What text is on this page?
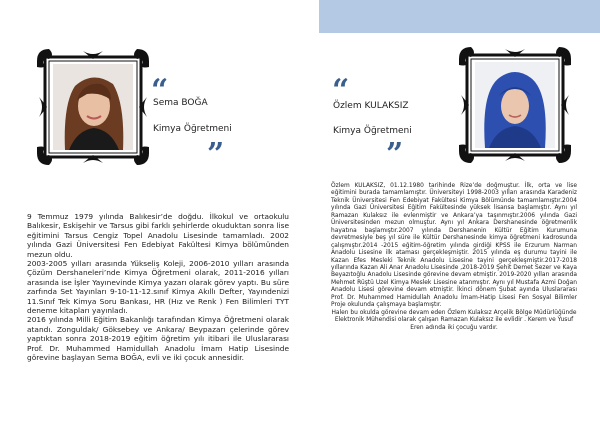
“
Sema BOĞA
Kimya Öğretmeni
”
“
Özlem KULAKSIZ
Kimya Öğretmeni
”

9 Temmuz 1979 yılında Balıkesir’de doğdu. İlkokul ve ortaokulu Balıkesir, Eskişehir ve Tarsus gibi farklı şehirlerde okuduktan sonra lise eğitimini Tarsus Cengiz Topel Anadolu Lisesinde tamamladı. 2002 yılında Gazi Üniversitesi Fen Edebiyat Fakültesi Kimya bölümünden mezun oldu.

2003-2005 yılları arasında Yükseliş Koleji, 2006-2010 yılları arasında Çözüm Dershaneleri’nde Kimya Öğretmeni olarak, 2011-2016 yılları arasında ise İşler Yayınevinde Kimya yazarı olarak görev yaptı. Bu süre zarfında Set Yayınları 9-10-11-12.sınıf Kimya Akıllı Defter, Yayındenizi 11.Sınıf Tek Kimya Soru Bankası, HR (Hız ve Renk ) Fen Bilimleri TYT deneme kitapları yayınladı.

2016 yılında Milli Eğitim Bakanlığı tarafından Kimya Öğretmeni olarak atandı. Zonguldak/ Göksebey ve Ankara/ Beypazarı çelerinde görev yaptıktan sonra 2018-2019 eğitim öğretim yılı itibari ile Uluslararası Prof. Dr. Muhammed Hamidullah Anadolu İmam Hatip Lisesinde görevine başlayan Sema BOĞA, evli ve iki çocuk annesidir.

Özlem KULAKSIZ, 01.12.1980 tarihinde Rize’de doğmuştur. İlk, orta ve lise eğitimini burada tamamlamıştır. Üniversiteyi 1998-2003 yılları arasında Karadeniz Teknik Üniversitesi Fen Edebiyat Fakültesi Kimya Bölümünde tamamlamıştır.2004 yılında Gazi Üniversitesi Eğitim Fakültesinde yüksek lisansa başlamıştır. Aynı yıl Ramazan Kulaksız ile evlenmiştir ve Ankara’ya taşınmıştır.2006 yılında Gazi Üniversitesinden mezun olmuştur. Aynı yıl Ankara Dershanesinde öğretmenlik hayatına başlamıştır.2007 yılında Dershanenin Kültür Eğitim Kurumuna devretmesiyle beş yıl süre ile Kültür Dershanesinde kimya öğretmeni kadrosunda çalışmıştır.2014 -2015 eğitim-öğretim yılında girdiği KPSS ile Erzurum Narman Anadolu Lisesine ilk ataması gerçekleşmiştir. 2015 yılında eş durumu tayini ile Kazan Efes Mesleki Teknik Anadolu Lisesine tayini gerçekleşmiştir.2017-2018 yıllarında Kazan Ali Anar Anadolu Lisesinde ,2018-2019 Şehit Demet Sezer ve Kaya Beyazıtoğlu Anadolu Lisesinde görevine devam etmiştir. 2019-2020 yılları arasında Mehmet Rüştü Uzel Kimya Meslek Lisesine atanmıştır. Aynı yıl Mustafa Azmi Doğan Anadolu Lisesi görevine devam etmiştir. İkinci dönem Şubat ayında Uluslararası Prof. Dr. Muhammed Hamidullah Anadolu İmam-Hatip Lisesi Fen Sosyal Bilimler Proje okulunda çalışmaya başlamıştır.

Halen bu okulda görevine devam eden Özlem Kulaksız Arçelik Bölge Müdürlüğünde Elektronik Mühendisi olarak çalışan Ramazan Kulaksız ile evlidir . Kerem ve Yusuf Eren adında iki çocuğu vardır.
